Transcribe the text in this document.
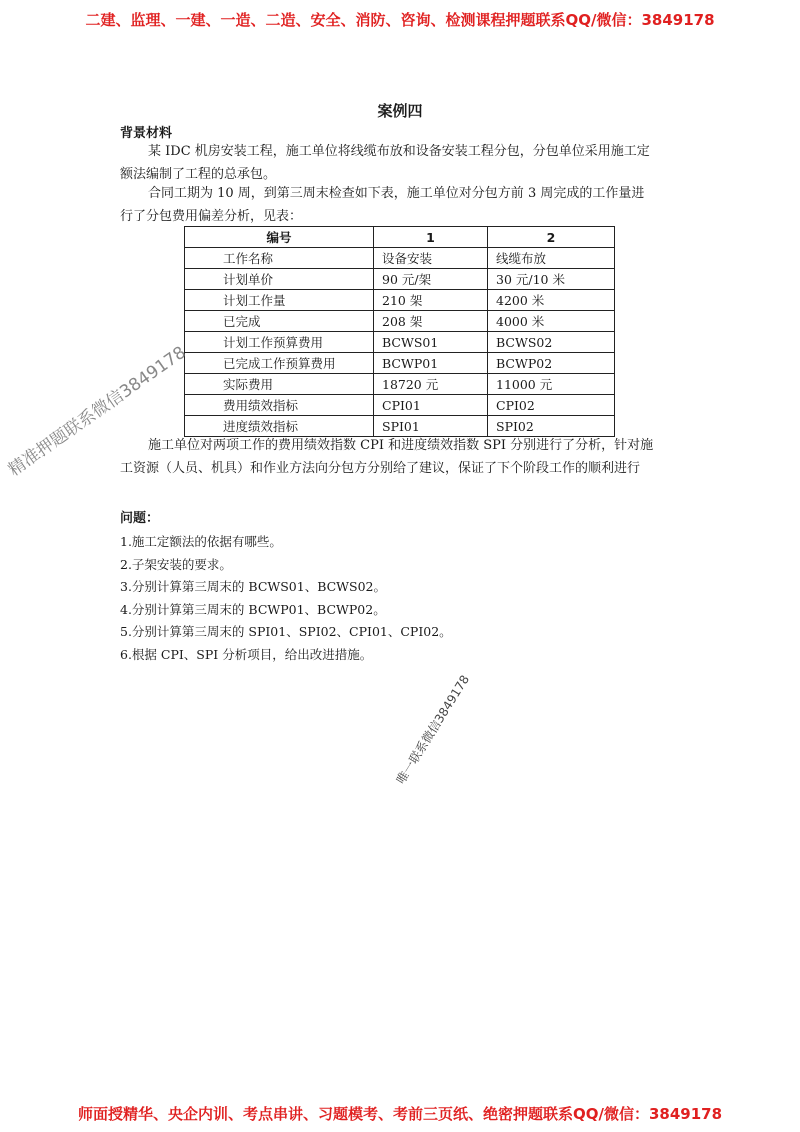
二建、监理、一建、一造、二造、安全、消防、咨询、检测课程押题联系QQ/微信：3849178
案例四
背景材料
某 IDC 机房安装工程，施工单位将线缆布放和设备安装工程分包，分包单位采用施工定
额法编制了工程的总承包。
合同工期为 10 周，到第三周末检查如下表，施工单位对分包方前 3 周完成的工作量进
行了分包费用偏差分析，见表：
编号	1	2
工作名称	设备安装	线缆布放
计划单价	90 元/架	30 元/10 米
计划工作量	210 架	4200 米
已完成	208 架	4000 米
计划工作预算费用	BCWS01	BCWS02
已完成工作预算费用	BCWP01	BCWP02
实际费用	18720 元	11000 元
费用绩效指标	CPI01	CPI02
进度绩效指标	SPI01	SPI02
施工单位对两项工作的费用绩效指数 CPI 和进度绩效指数 SPI 分别进行了分析，针对施
工资源（人员、机具）和作业方法向分包方分别给了建议，保证了下个阶段工作的顺利进行
问题：
1.施工定额法的依据有哪些。
2.子架安装的要求。
3.分别计算第三周末的 BCWS01、BCWS02。
4.分别计算第三周末的 BCWP01、BCWP02。
5.分别计算第三周末的 SPI01、SPI02、CPI01、CPI02。
6.根据 CPI、SPI 分析项目，给出改进措施。
精准押题联系微信3849178
唯一联系微信3849178
师面授精华、央企内训、考点串讲、习题模考、考前三页纸、绝密押题联系QQ/微信：3849178
